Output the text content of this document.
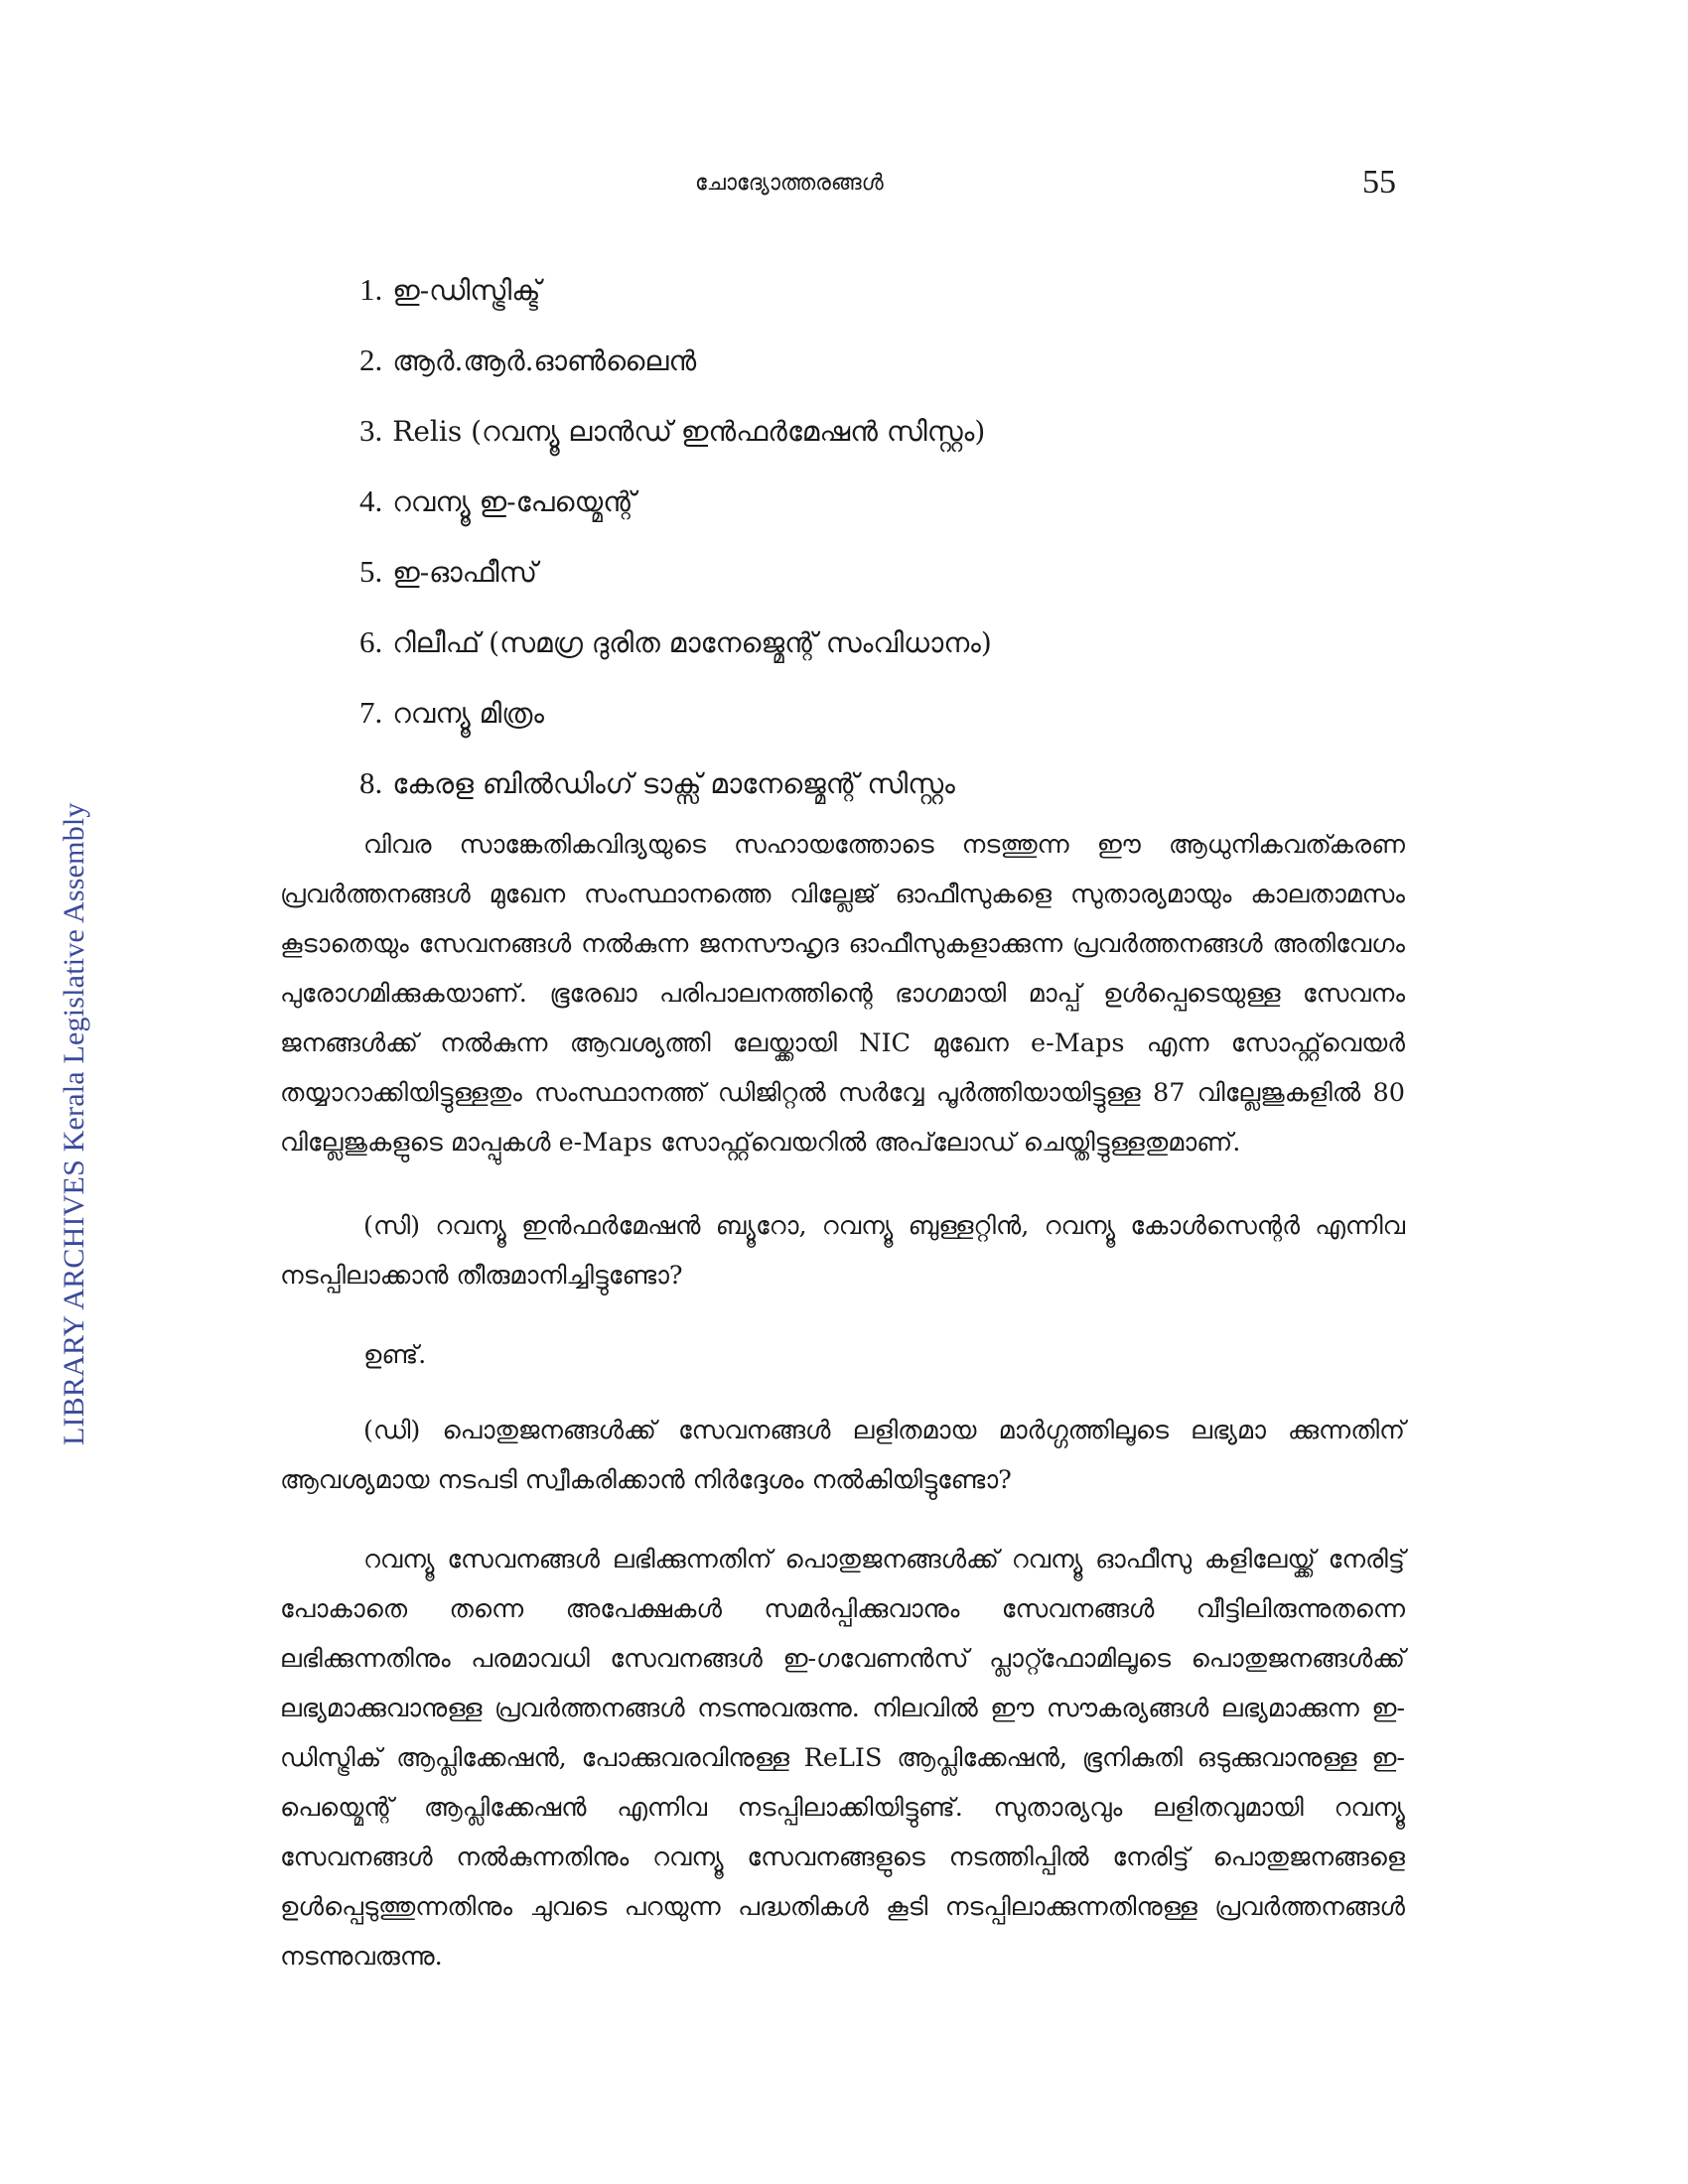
LIBRARY ARCHIVES Kerala Legislative Assembly
ചോദ്യോത്തരങ്ങൾ	55
1. ഇ-ഡിസ്ട്രിക്ട്
2. ആർ.ആർ.ഓൺലൈൻ
3. Relis (റവന്യൂ ലാൻഡ് ഇൻഫർമേഷൻ സിസ്റ്റം)
4. റവന്യൂ ഇ-പേയ്മെന്റ്
5. ഇ-ഓഫീസ്
6. റിലീഫ് (സമഗ്ര ദുരിത മാനേജ്മെന്റ് സംവിധാനം)
7. റവന്യൂ മിത്രം
8. കേരള ബിൽഡിംഗ് ടാക്സ് മാനേജ്മെന്റ് സിസ്റ്റം

വിവര സാങ്കേതികവിദ്യയുടെ സഹായത്തോടെ നടത്തുന്ന ഈ ആധുനികവത്കരണ പ്രവർത്തനങ്ങൾ മുഖേന സംസ്ഥാനത്തെ വില്ലേജ് ഓഫീസുകളെ സുതാര്യമായും കാലതാമസം കൂടാതെയും സേവനങ്ങൾ നൽകുന്ന ജനസൗഹൃദ ഓഫീസുകളാക്കുന്ന പ്രവർത്തനങ്ങൾ അതിവേഗം പുരോഗമിക്കുകയാണ്. ഭൂരേഖാ പരിപാലനത്തിന്റെ ഭാഗമായി മാപ്പ് ഉൾപ്പെടെയുള്ള സേവനം ജനങ്ങൾക്ക് നൽകുന്ന ആവശ്യത്തി ലേയ്ക്കായി NIC മുഖേന e-Maps എന്ന സോഫ്റ്റ്‌വെയർ തയ്യാറാക്കിയിട്ടുള്ളതും സംസ്ഥാനത്ത് ഡിജിറ്റൽ സർവ്വേ പൂർത്തിയായിട്ടുള്ള 87 വില്ലേജുകളിൽ 80 വില്ലേജുകളുടെ മാപ്പുകൾ e-Maps സോഫ്റ്റ്‌വെയറിൽ അപ്‌ലോഡ് ചെയ്തിട്ടുള്ളതുമാണ്.

(സി) റവന്യൂ ഇൻഫർമേഷൻ ബ്യൂറോ, റവന്യൂ ബുള്ളറ്റിൻ, റവന്യൂ കോൾസെന്റർ എന്നിവ നടപ്പിലാക്കാൻ തീരുമാനിച്ചിട്ടുണ്ടോ?

ഉണ്ട്.

(ഡി) പൊതുജനങ്ങൾക്ക് സേവനങ്ങൾ ലളിതമായ മാർഗ്ഗത്തിലൂടെ ലഭ്യമാ ക്കുന്നതിന് ആവശ്യമായ നടപടി സ്വീകരിക്കാൻ നിർദ്ദേശം നൽകിയിട്ടുണ്ടോ?

റവന്യൂ സേവനങ്ങൾ ലഭിക്കുന്നതിന് പൊതുജനങ്ങൾക്ക് റവന്യൂ ഓഫീസു കളിലേയ്ക്ക് നേരിട്ട് പോകാതെ തന്നെ അപേക്ഷകൾ സമർപ്പിക്കുവാനും സേവനങ്ങൾ വീട്ടിലിരുന്നുതന്നെ ലഭിക്കുന്നതിനും പരമാവധി സേവനങ്ങൾ ഇ-ഗവേണൻസ് പ്ലാറ്റ്ഫോമിലൂടെ പൊതുജനങ്ങൾക്ക് ലഭ്യമാക്കുവാനുള്ള പ്രവർത്തനങ്ങൾ നടന്നുവരുന്നു. നിലവിൽ ഈ സൗകര്യങ്ങൾ ലഭ്യമാക്കുന്ന ഇ-ഡിസ്ട്രിക് ആപ്ലിക്കേഷൻ, പോക്കുവരവിനുള്ള ReLIS ആപ്ലിക്കേഷൻ, ഭൂനികുതി ഒടുക്കുവാനുള്ള ഇ-പെയ്മെന്റ് ആപ്ലിക്കേഷൻ എന്നിവ നടപ്പിലാക്കിയിട്ടുണ്ട്. സുതാര്യവും ലളിതവുമായി റവന്യൂ സേവനങ്ങൾ നൽകുന്നതിനും റവന്യൂ സേവനങ്ങളുടെ നടത്തിപ്പിൽ നേരിട്ട് പൊതുജനങ്ങളെ ഉൾപ്പെടുത്തുന്നതിനും ചുവടെ പറയുന്ന പദ്ധതികൾ കൂടി നടപ്പിലാക്കുന്നതിനുള്ള പ്രവർത്തനങ്ങൾ നടന്നുവരുന്നു.
